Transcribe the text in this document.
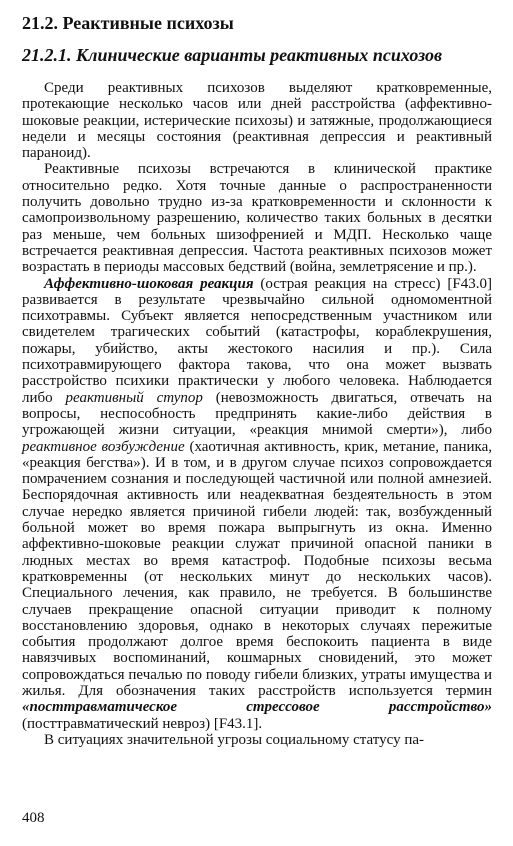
21.2. Реактивные психозы
21.2.1. Клинические варианты реактивных психозов

Среди реактивных психозов выделяют кратковременные, протекающие несколько часов или дней расстройства (аффективно-шоковые реакции, истерические психозы) и затяжные, продолжающиеся недели и месяцы состояния (реактивная депрессия и реактивный параноид).

Реактивные психозы встречаются в клинической практике относительно редко. Хотя точные данные о распространенности получить довольно трудно из-за кратковременности и склонности к самопроизвольному разрешению, количество таких больных в десятки раз меньше, чем больных шизофренией и МДП. Несколько чаще встречается реактивная депрессия. Частота реактивных психозов может возрастать в периоды массовых бедствий (война, землетрясение и пр.).

Аффективно-шоковая реакция (острая реакция на стресс) [F43.0] развивается в результате чрезвычайно сильной одномоментной психотравмы. Субъект является непосредственным участником или свидетелем трагических событий (катастрофы, кораблекрушения, пожары, убийство, акты жестокого насилия и пр.). Сила психотравмирующего фактора такова, что она может вызвать расстройство психики практически у любого человека. Наблюдается либо реактивный ступор (невозможность двигаться, отвечать на вопросы, неспособность предпринять какие-либо действия в угрожающей жизни ситуации, «реакция мнимой смерти»), либо реактивное возбуждение (хаотичная активность, крик, метание, паника, «реакция бегства»). И в том, и в другом случае психоз сопровождается помрачением сознания и последующей частичной или полной амнезией. Беспорядочная активность или неадекватная бездеятельность в этом случае нередко является причиной гибели людей: так, возбужденный больной может во время пожара выпрыгнуть из окна. Именно аффективно-шоковые реакции служат причиной опасной паники в людных местах во время катастроф. Подобные психозы весьма кратковременны (от нескольких минут до нескольких часов). Специального лечения, как правило, не требуется. В большинстве случаев прекращение опасной ситуации приводит к полному восстановлению здоровья, однако в некоторых случаях пережитые события продолжают долгое время беспокоить пациента в виде навязчивых воспоминаний, кошмарных сновидений, это может сопровождаться печалью по поводу гибели близких, утраты имущества и жилья. Для обозначения таких расстройств используется термин «посттравматическое стрессовое расстройство» (посттравматический невроз) [F43.1].

В ситуациях значительной угрозы социальному статусу па-

408
